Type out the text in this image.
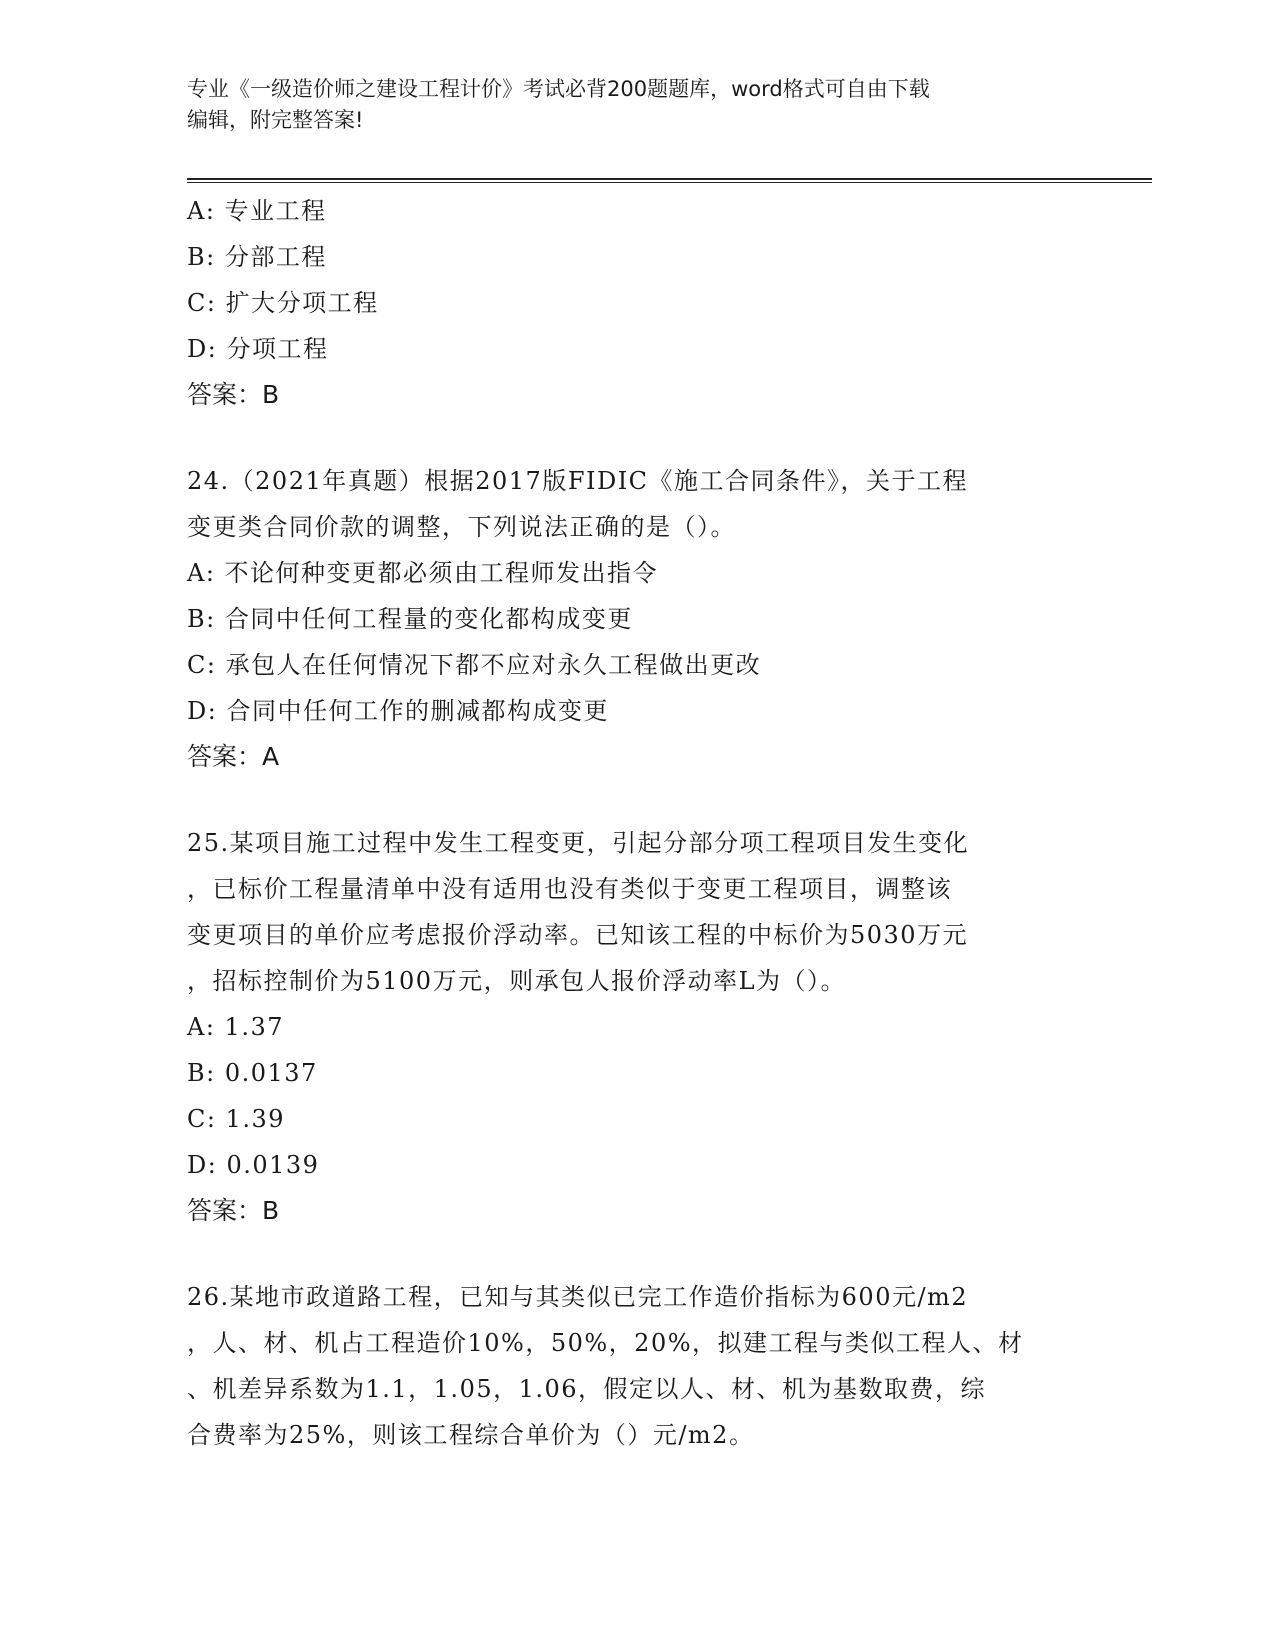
专业《一级造价师之建设工程计价》考试必背200题题库，word格式可自由下载
编辑，附完整答案!
A: 专业工程
B: 分部工程
C: 扩大分项工程
D: 分项工程
答案：B
24.（2021年真题）根据2017版FIDIC《施工合同条件》，关于工程
变更类合同价款的调整，下列说法正确的是（）。
A: 不论何种变更都必须由工程师发出指令
B: 合同中任何工程量的变化都构成变更
C: 承包人在任何情况下都不应对永久工程做出更改
D: 合同中任何工作的删减都构成变更
答案：A
25.某项目施工过程中发生工程变更，引起分部分项工程项目发生变化
，已标价工程量清单中没有适用也没有类似于变更工程项目，调整该
变更项目的单价应考虑报价浮动率。已知该工程的中标价为5030万元
，招标控制价为5100万元，则承包人报价浮动率L为（）。
A: 1.37
B: 0.0137
C: 1.39
D: 0.0139
答案：B
26.某地市政道路工程，已知与其类似已完工作造价指标为600元/m2
，人、材、机占工程造价10%，50%，20%，拟建工程与类似工程人、材
、机差异系数为1.1，1.05，1.06，假定以人、材、机为基数取费，综
合费率为25%，则该工程综合单价为（）元/m2。
